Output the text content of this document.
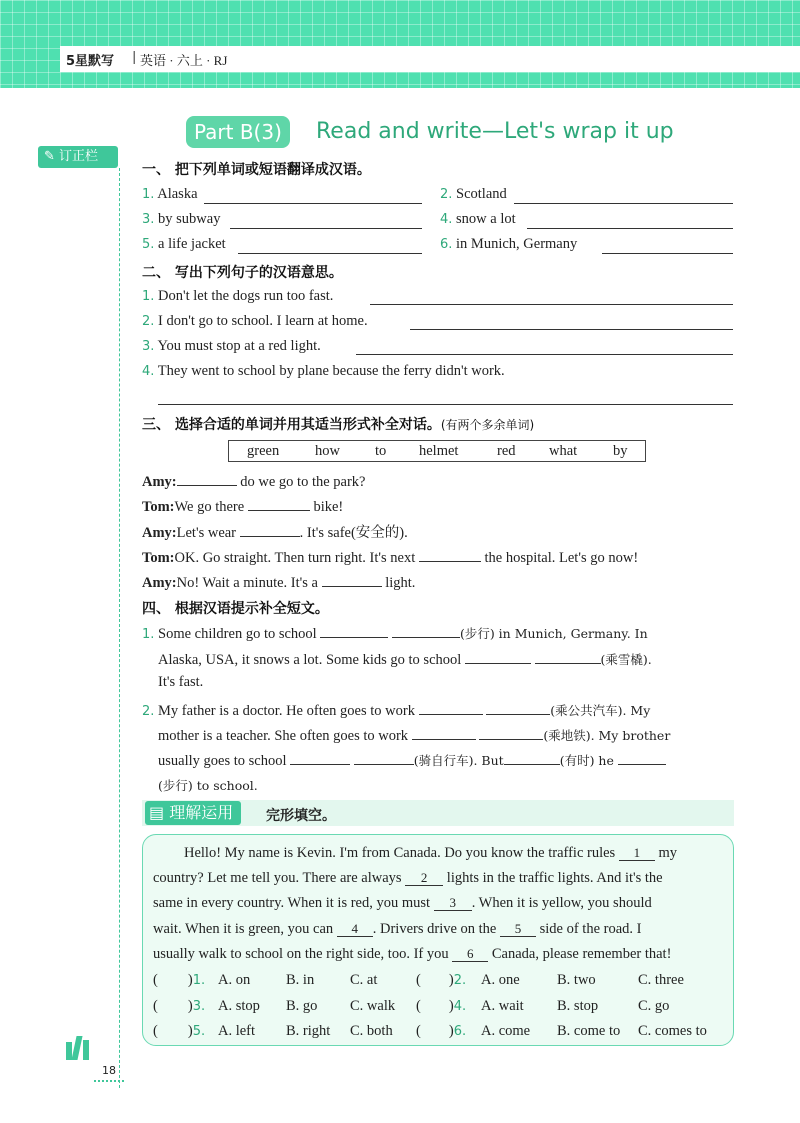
5星默写 | 英语 · 六上 · RJ
Part B(3)	Read and write—Let's wrap it up
✎ 订正栏
一、 把下列单词或短语翻译成汉语。
1. Alaska	2. Scotland
3. by subway	4. snow a lot
5. a life jacket	6. in Munich, Germany
二、 写出下列句子的汉语意思。
1. Don't let the dogs run too fast.
2. I don't go to school. I learn at home.
3. You must stop at a red light.
4. They went to school by plane because the ferry didn't work.
三、 选择合适的单词并用其适当形式补全对话。(有两个多余单词)
green how to helmet	red what by
Amy:	do we go to the park?
Tom:We go there	bike!
Amy:Let's wear	. It's safe(安全的).
Tom:OK. Go straight. Then turn right. It's next	the hospital. Let's go now!
Amy:No! Wait a minute. It's a	light.
四、 根据汉语提示补全短文。
1. Some children go to school	(步行) in Munich, Germany. In
Alaska, USA, it snows a lot. Some kids go to school	(乘雪橇).
It's fast.
2. My father is a doctor. He often goes to work	(乘公共汽车). My
mother is a teacher. She often goes to work	(乘地铁). My brother
usually goes to school	(骑自行车). But	(有时) he
(步行) to school.
▤ 理解运用	完形填空。
Hello! My name is Kevin. I'm from Canada. Do you know the traffic rules 1 my
country? Let me tell you. There are always 2 lights in the traffic lights. And it's the
same in every country. When it is red, you must 3 . When it is yellow, you should
wait. When it is green, you can 4 . Drivers drive on the 5 side of the road. I
usually walk to school on the right side, too. If you 6 Canada, please remember that!
( )1. A. on B. in C. at	( )2. A. one	B. two	C. three
( )3. A. stop B. go C. walk ( )4. A. wait B. stop	C. go
( )5. A. left B. right C. both ( )6. A. come B. come to C. comes to
18
